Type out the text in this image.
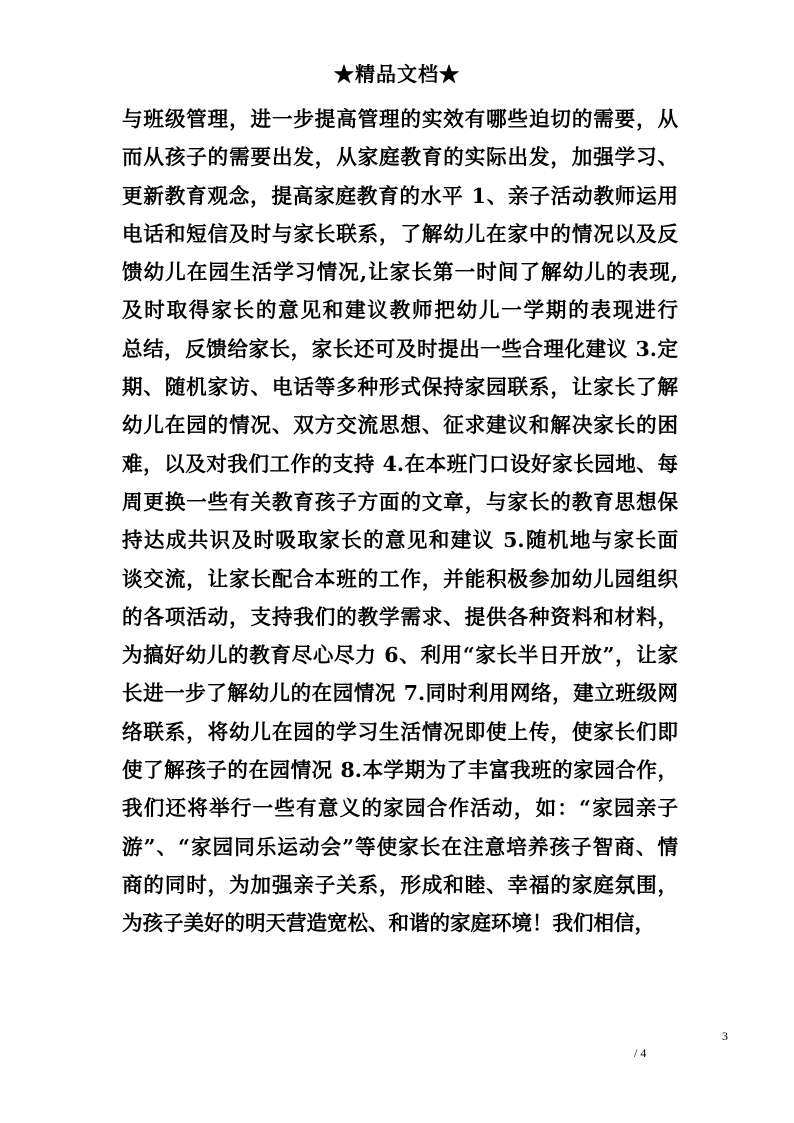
★精品文档★
与班级管理，进一步提高管理的实效有哪些迫切的需要，从
而从孩子的需要出发，从家庭教育的实际出发，加强学习、
更新教育观念，提高家庭教育的水平 1、亲子活动教师运用
电话和短信及时与家长联系，了解幼儿在家中的情况以及反
馈幼儿在园生活学习情况,让家长第一时间了解幼儿的表现,
及时取得家长的意见和建议教师把幼儿一学期的表现进行
总结，反馈给家长，家长还可及时提出一些合理化建议 3.定
期、随机家访、电话等多种形式保持家园联系，让家长了解
幼儿在园的情况、双方交流思想、征求建议和解决家长的困
难，以及对我们工作的支持 4.在本班门口设好家长园地、每
周更换一些有关教育孩子方面的文章，与家长的教育思想保
持达成共识及时吸取家长的意见和建议 5.随机地与家长面
谈交流，让家长配合本班的工作，并能积极参加幼儿园组织
的各项活动，支持我们的教学需求、提供各种资料和材料，
为搞好幼儿的教育尽心尽力 6、利用“家长半日开放”，让家
长进一步了解幼儿的在园情况 7.同时利用网络，建立班级网
络联系，将幼儿在园的学习生活情况即使上传，使家长们即
使了解孩子的在园情况 8.本学期为了丰富我班的家园合作，
我们还将举行一些有意义的家园合作活动，如：“家园亲子
游”、“家园同乐运动会”等使家长在注意培养孩子智商、情
商的同时，为加强亲子关系，形成和睦、幸福的家庭氛围，
为孩子美好的明天营造宽松、和谐的家庭环境！我们相信，
3
/ 4
